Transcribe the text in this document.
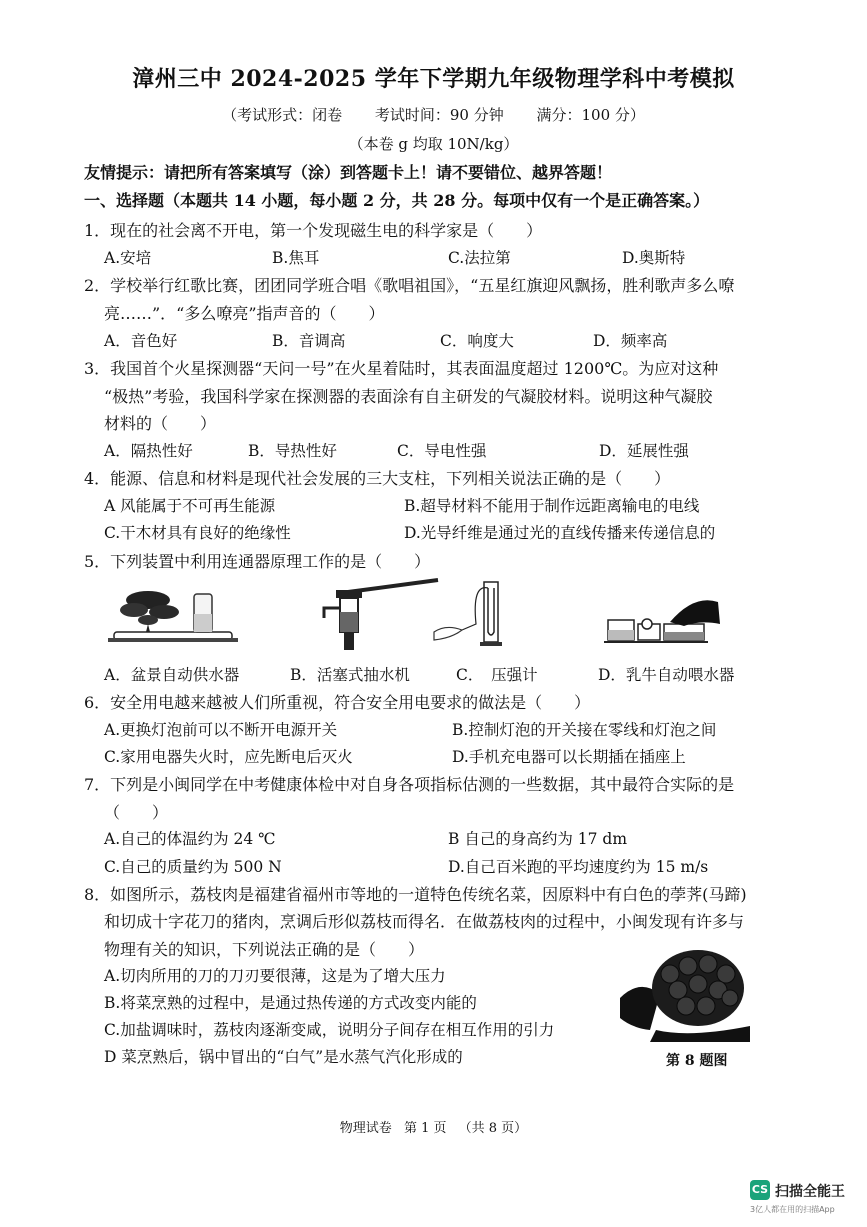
漳州三中 2024-2025 学年下学期九年级物理学科中考模拟
（考试形式：闭卷 考试时间：90 分钟 满分：100 分）
（本卷 g 均取 10N/kg）
友情提示：请把所有答案填写（涂）到答题卡上！请不要错位、越界答题！
一、选择题（本题共 14 小题，每小题 2 分，共 28 分。每项中仅有一个是正确答案。）
1．现在的社会离不开电，第一个发现磁生电的科学家是（　　）
A.安培	B.焦耳	C.法拉第	D.奥斯特
2．学校举行红歌比赛，团团同学班合唱《歌唱祖国》，“五星红旗迎风飘扬，胜利歌声多么嘹
亮……”．“多么嘹亮”指声音的（　　）
A．音色好	B．音调高	C．响度大	D．频率高
3．我国首个火星探测器“天问一号”在火星着陆时，其表面温度超过 1200℃。为应对这种
“极热”考验，我国科学家在探测器的表面涂有自主研发的气凝胶材料。说明这种气凝胶
材料的（　　）
A．隔热性好	B．导热性好	C．导电性强	D．延展性强
4．能源、信息和材料是现代社会发展的三大支柱，下列相关说法正确的是（　　）
A 风能属于不可再生能源	B.超导材料不能用于制作远距离输电的电线
C.干木材具有良好的绝缘性	D.光导纤维是通过光的直线传播来传递信息的
5．下列装置中利用连通器原理工作的是（　　）
A．盆景自动供水器	B．活塞式抽水机	C．　压强计	D．乳牛自动喂水器
6．安全用电越来越被人们所重视，符合安全用电要求的做法是（　　）
A.更换灯泡前可以不断开电源开关	B.控制灯泡的开关接在零线和灯泡之间
C.家用电器失火时，应先断电后灭火	D.手机充电器可以长期插在插座上
7．下列是小闽同学在中考健康体检中对自身各项指标估测的一些数据，其中最符合实际的是
（　　）
A.自己的体温约为 24 ℃	B 自己的身高约为 17 dm
C.自己的质量约为 500 N	D.自己百米跑的平均速度约为 15 m/s
8．如图所示，荔枝肉是福建省福州市等地的一道特色传统名菜，因原料中有白色的荸荠(马蹄)
和切成十字花刀的猪肉，烹调后形似荔枝而得名．在做荔枝肉的过程中，小闽发现有许多与
物理有关的知识，下列说法正确的是（　　）
A.切肉所用的刀的刀刃要很薄，这是为了增大压力
B.将菜烹熟的过程中，是通过热传递的方式改变内能的
C.加盐调味时，荔枝肉逐渐变咸，说明分子间存在相互作用的引力
D 菜烹熟后，锅中冒出的“白气”是水蒸气汽化形成的	第 8 题图
物理试卷 第 1 页 （共 8 页）
CS 扫描全能王
3亿人都在用的扫描App
